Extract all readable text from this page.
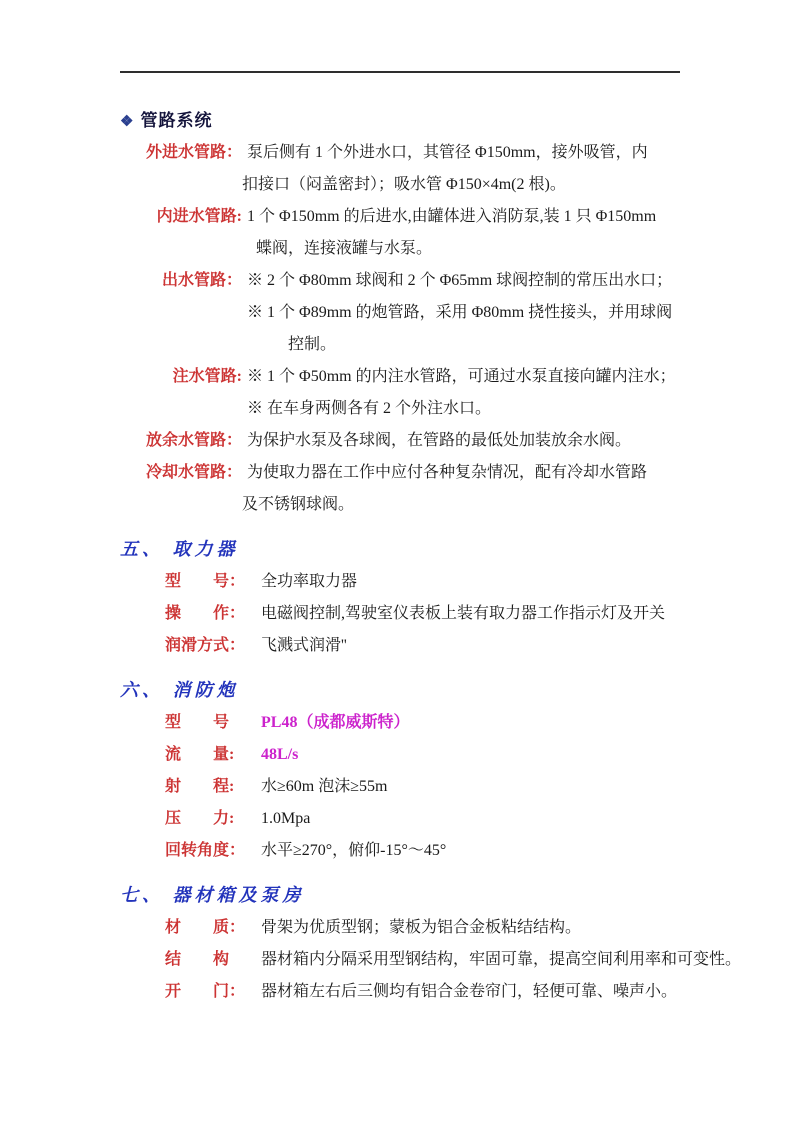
❖ 管路系统
外进水管路： 泵后侧有 1 个外进水口，其管径 Φ150mm，接外吸管，内
扣接口（闷盖密封）；吸水管 Φ150×4m(2 根)。
内进水管路: 1 个 Φ150mm 的后进水,由罐体进入消防泵,装 1 只 Φ150mm
蝶阀，连接液罐与水泵。
出水管路： ※ 2 个 Φ80mm 球阀和 2 个 Φ65mm 球阀控制的常压出水口；
※ 1 个 Φ89mm 的炮管路，采用 Φ80mm 挠性接头，并用球阀
控制。
注水管路: ※ 1 个 Φ50mm 的内注水管路，可通过水泵直接向罐内注水；
※ 在车身两侧各有 2 个外注水口。
放余水管路： 为保护水泵及各球阀，在管路的最低处加装放余水阀。
冷却水管路： 为使取力器在工作中应付各种复杂情况，配有冷却水管路
及不锈钢球阀。
五、 取力器
型　　号： 全功率取力器
操　　作： 电磁阀控制,驾驶室仪表板上装有取力器工作指示灯及开关
润滑方式： 飞溅式润滑''
六、 消防炮
型　　号	PL48（成都威斯特）
流　　量:	48L/s
射　　程:	水≥60m 泡沫≥55m
压　　力:	1.0Mpa
回转角度： 水平≥270°，俯仰-15°～45°
七、 器材箱及泵房
材　　质： 骨架为优质型钢；蒙板为铝合金板粘结结构。
结　　构	器材箱内分隔采用型钢结构，牢固可靠，提高空间利用率和可变性。
开　　门： 器材箱左右后三侧均有铝合金卷帘门，轻便可靠、噪声小。
